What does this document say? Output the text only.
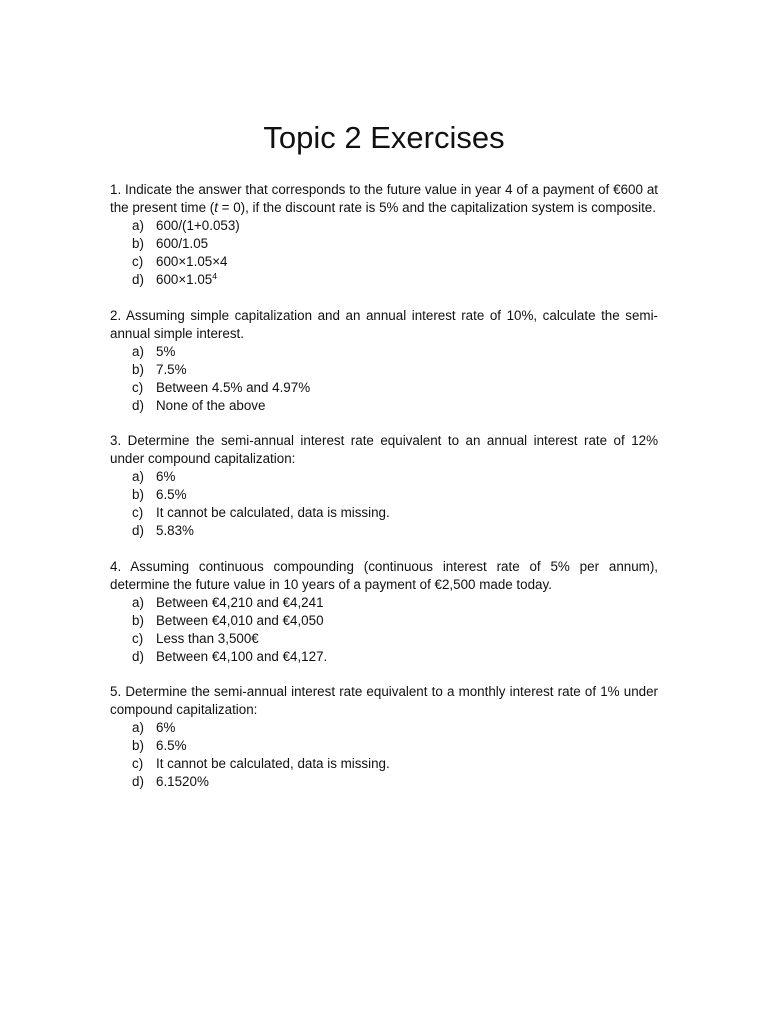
Topic 2 Exercises

1. Indicate the answer that corresponds to the future value in year 4 of a payment of €600 at the present time (t = 0), if the discount rate is 5% and the capitalization system is composite.

a) 600/(1+0.053)
b) 600/1.05
c) 600×1.05×4
d) $600\times 1.05^4$

2. Assuming simple capitalization and an annual interest rate of 10%, calculate the semi-annual simple interest.

a) 5%
b) 7.5%
c) Between 4.5% and 4.97%
d) None of the above

3. Determine the semi-annual interest rate equivalent to an annual interest rate of 12% under compound capitalization:

a) 6%
b) 6.5%
c) It cannot be calculated, data is missing.
d) 5.83%

4. Assuming continuous compounding (continuous interest rate of 5% per annum), determine the future value in 10 years of a payment of €2,500 made today.

a) Between €4,210 and €4,241
b) Between €4,010 and €4,050
c) Less than 3,500€
d) Between €4,100 and €4,127.

5. Determine the semi-annual interest rate equivalent to a monthly interest rate of 1% under compound capitalization:

a) 6%
b) 6.5%
c) It cannot be calculated, data is missing.
d) 6.1520%
